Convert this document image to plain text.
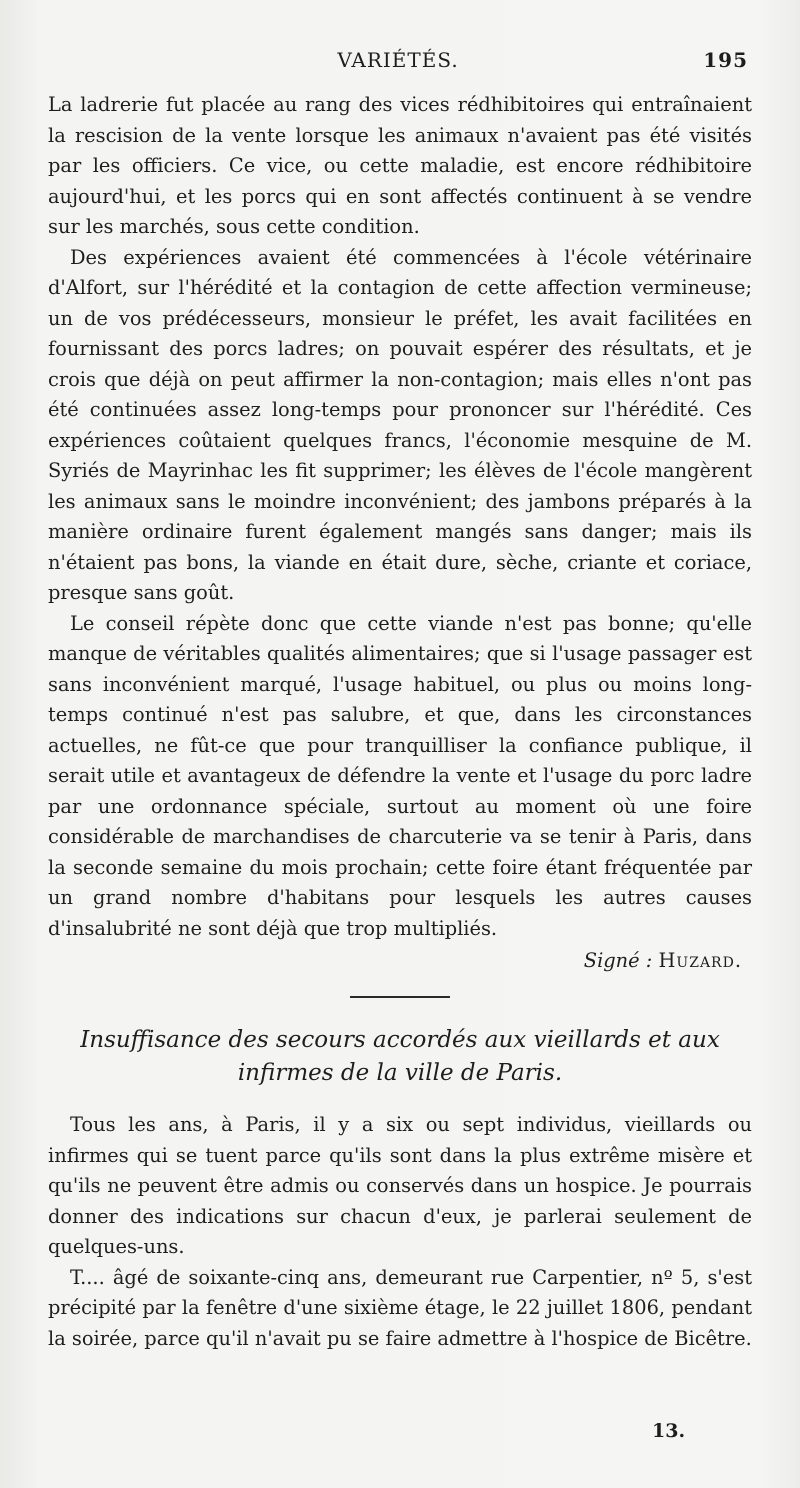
VARIÉTÉS.	195

La ladrerie fut placée au rang des vices rédhibitoires qui entraînaient la rescision de la vente lorsque les animaux n'avaient pas été visités par les officiers. Ce vice, ou cette maladie, est encore rédhibitoire aujourd'hui, et les porcs qui en sont affectés continuent à se vendre sur les marchés, sous cette condition.

Des expériences avaient été commencées à l'école vétérinaire d'Alfort, sur l'hérédité et la contagion de cette affection vermineuse; un de vos prédécesseurs, monsieur le préfet, les avait facilitées en fournissant des porcs ladres; on pouvait espérer des résultats, et je crois que déjà on peut affirmer la non-contagion; mais elles n'ont pas été continuées assez long-temps pour prononcer sur l'hérédité. Ces expériences coûtaient quelques francs, l'économie mesquine de M. Syriés de Mayrinhac les fit supprimer; les élèves de l'école mangèrent les animaux sans le moindre inconvénient; des jambons préparés à la manière ordinaire furent également mangés sans danger; mais ils n'étaient pas bons, la viande en était dure, sèche, criante et coriace, presque sans goût.

Le conseil répète donc que cette viande n'est pas bonne; qu'elle manque de véritables qualités alimentaires; que si l'usage passager est sans inconvénient marqué, l'usage habituel, ou plus ou moins long-temps continué n'est pas salubre, et que, dans les circonstances actuelles, ne fût-ce que pour tranquilliser la confiance publique, il serait utile et avantageux de défendre la vente et l'usage du porc ladre par une ordonnance spéciale, surtout au moment où une foire considérable de marchandises de charcuterie va se tenir à Paris, dans la seconde semaine du mois prochain; cette foire étant fréquentée par un grand nombre d'habitans pour lesquels les autres causes d'insalubrité ne sont déjà que trop multipliés.

Signé : Huzard.
Insuffisance des secours accordés aux vieillards et aux infirmes de la ville de Paris.

Tous les ans, à Paris, il y a six ou sept individus, vieillards ou infirmes qui se tuent parce qu'ils sont dans la plus extrême misère et qu'ils ne peuvent être admis ou conservés dans un hospice. Je pourrais donner des indications sur chacun d'eux, je parlerai seulement de quelques-uns.

T.... âgé de soixante-cinq ans, demeurant rue Carpentier, nº 5, s'est précipité par la fenêtre d'une sixième étage, le 22 juillet 1806, pendant la soirée, parce qu'il n'avait pu se faire admettre à l'hospice de Bicêtre.

13.
